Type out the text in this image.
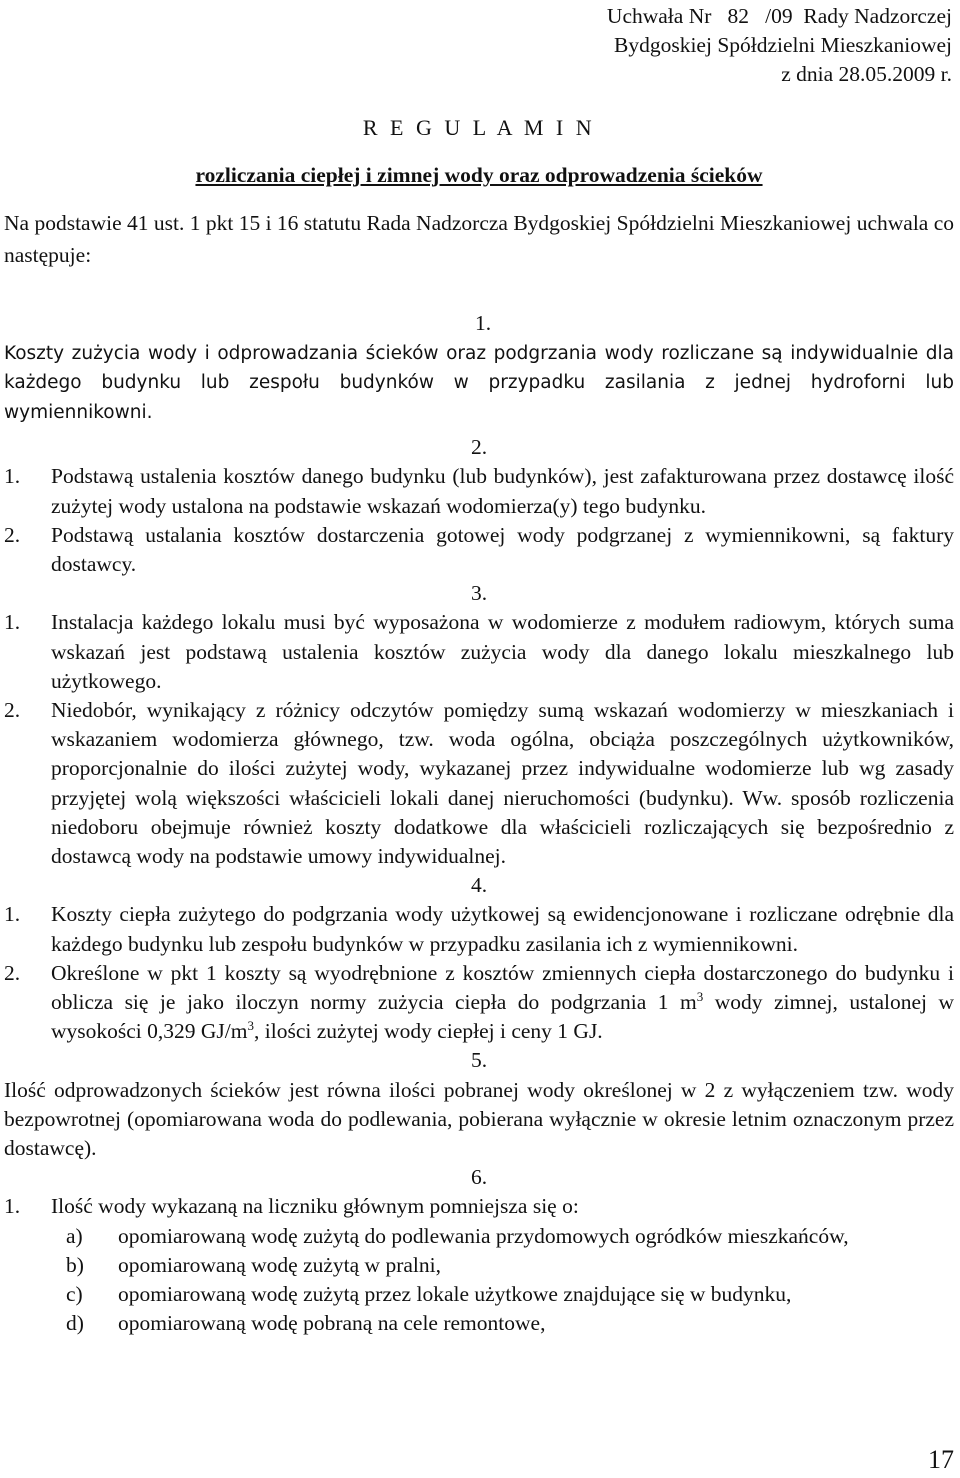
Uchwała Nr   82   /09  Rady Nadzorczej
Bydgoskiej Spółdzielni Mieszkaniowej
z dnia 28.05.2009 r.
R E G U L A M I N
rozliczania ciepłej i zimnej wody oraz odprowadzenia ścieków
Na podstawie 41 ust. 1 pkt 15 i 16 statutu Rada Nadzorcza Bydgoskiej Spółdzielni Mieszkaniowej uchwala co następuje:
1.
Koszty zużycia wody i odprowadzania ścieków oraz podgrzania wody rozliczane są indywidualnie dla każdego budynku lub zespołu budynków w przypadku zasilania z jednej hydroforni lub wymiennikowni.
2.
1.	Podstawą ustalenia kosztów danego budynku (lub budynków), jest zafakturowana przez dostawcę ilość zużytej wody ustalona na podstawie wskazań wodomierza(y) tego budynku.
2.	Podstawą ustalania kosztów dostarczenia gotowej wody podgrzanej z wymiennikowni, są faktury dostawcy.
3.
1.	Instalacja każdego lokalu musi być wyposażona w wodomierze z modułem radiowym, których suma wskazań jest podstawą ustalenia kosztów zużycia wody dla danego lokalu mieszkalnego lub użytkowego.
2.	Niedobór, wynikający z różnicy odczytów pomiędzy sumą wskazań wodomierzy w mieszkaniach i wskazaniem wodomierza głównego, tzw. woda ogólna, obciąża poszczególnych użytkowników, proporcjonalnie do ilości zużytej wody, wykazanej przez indywidualne wodomierze lub wg zasady przyjętej wolą większości właścicieli lokali danej nieruchomości (budynku). Ww. sposób rozliczenia niedoboru obejmuje również koszty dodatkowe dla właścicieli rozliczających się bezpośrednio z dostawcą wody na podstawie umowy indywidualnej.
4.
1.	Koszty ciepła zużytego do podgrzania wody użytkowej są ewidencjonowane i rozliczane odrębnie dla każdego budynku lub zespołu budynków w przypadku zasilania ich z wymiennikowni.
2.	Określone w pkt 1 koszty są wyodrębnione z kosztów zmiennych ciepła dostarczonego do budynku i oblicza się je jako iloczyn normy zużycia ciepła do podgrzania 1 $m^3$ wody zimnej, ustalonej w wysokości 0,329 $GJ/m^3$, ilości zużytej wody ciepłej i ceny 1 GJ.
5.
Ilość odprowadzonych ścieków jest równa ilości pobranej wody określonej w 2 z wyłączeniem tzw. wody bezpowrotnej (opomiarowana woda do podlewania, pobierana wyłącznie w okresie letnim oznaczonym przez dostawcę).
6.
1.	Ilość wody wykazaną na liczniku głównym pomniejsza się o:
a)	opomiarowaną wodę zużytą do podlewania przydomowych ogródków mieszkańców,
b)	opomiarowaną wodę zużytą w pralni,
c)	opomiarowaną wodę zużytą przez lokale użytkowe znajdujące się w budynku,
d)	opomiarowaną wodę pobraną na cele remontowe,
17
